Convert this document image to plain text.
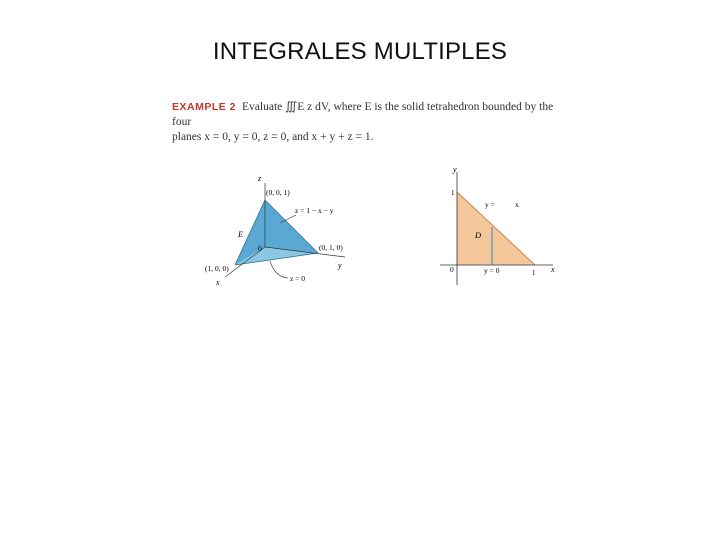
INTEGRALES MULTIPLES
EXAMPLE 2 Evaluate ∭E z dV, where E is the solid tetrahedron bounded by the four
planes x = 0, y = 0, z = 0, and x + y + z = 1.
z
y
x
(0, 0, 1)
(0, 1, 0)
(1, 0, 0)
0
E
z = 1 − x − y
z = 0
y
x
1
1
0
y =	x
D
y = 0
